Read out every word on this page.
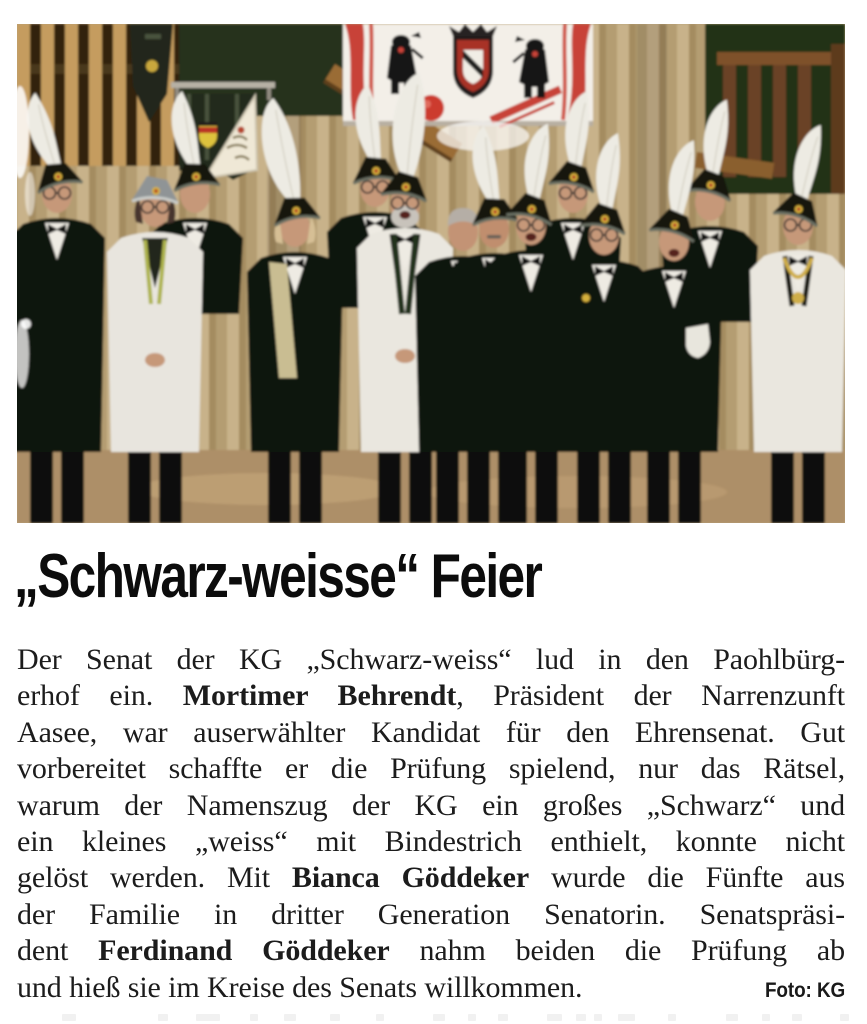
„Schwarz-weisse“ Feier
Der Senat der KG „Schwarz-weiss“ lud in den Paohlbürg-
erhof ein. Mortimer Behrendt, Präsident der Narrenzunft
Aasee, war auserwählter Kandidat für den Ehrensenat. Gut
vorbereitet schaffte er die Prüfung spielend, nur das Rätsel,
warum der Namenszug der KG ein großes „Schwarz“ und
ein kleines „weiss“ mit Bindestrich enthielt, konnte nicht
gelöst werden. Mit Bianca Göddeker wurde die Fünfte aus
der Familie in dritter Generation Senatorin. Senatspräsi-
dent Ferdinand Göddeker nahm beiden die Prüfung ab
und hieß sie im Kreise des Senats willkommen.	Foto: KG
